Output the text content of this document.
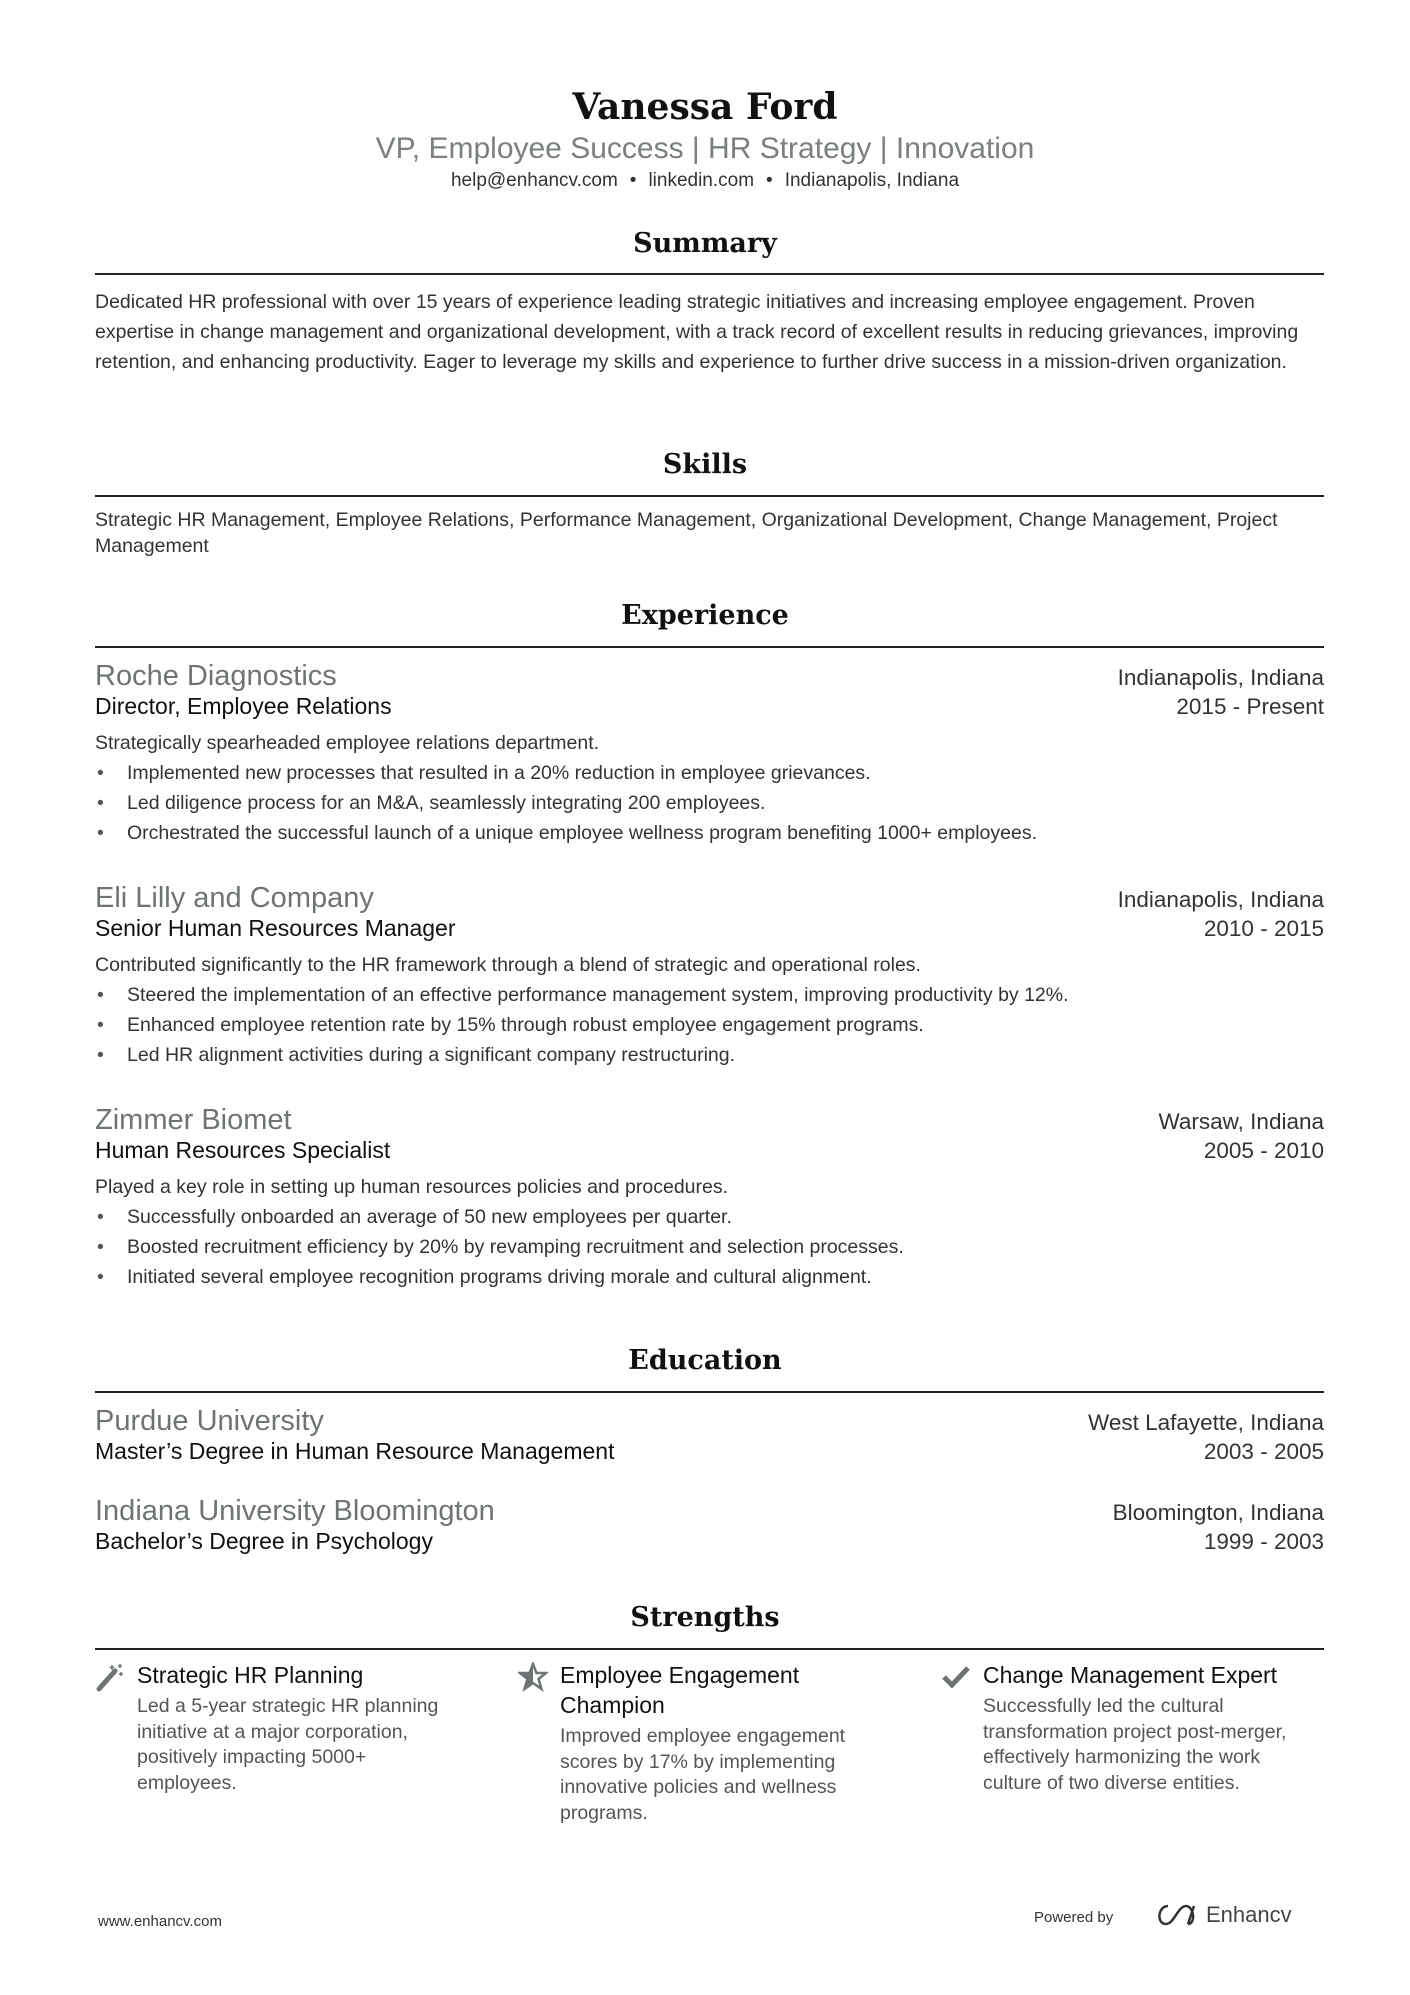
Vanessa Ford
VP, Employee Success | HR Strategy | Innovation
help@enhancv.com • linkedin.com • Indianapolis, Indiana
Summary
Dedicated HR professional with over 15 years of experience leading strategic initiatives and increasing employee engagement. Proven expertise in change management and organizational development, with a track record of excellent results in reducing grievances, improving retention, and enhancing productivity. Eager to leverage my skills and experience to further drive success in a mission-driven organization.
Skills
Strategic HR Management, Employee Relations, Performance Management, Organizational Development, Change Management, Project Management
Experience
Roche Diagnostics	Indianapolis, Indiana
Director, Employee Relations	2015 - Present
Strategically spearheaded employee relations department.
• Implemented new processes that resulted in a 20% reduction in employee grievances.
• Led diligence process for an M&A, seamlessly integrating 200 employees.
• Orchestrated the successful launch of a unique employee wellness program benefiting 1000+ employees.
Eli Lilly and Company	Indianapolis, Indiana
Senior Human Resources Manager	2010 - 2015
Contributed significantly to the HR framework through a blend of strategic and operational roles.
• Steered the implementation of an effective performance management system, improving productivity by 12%.
• Enhanced employee retention rate by 15% through robust employee engagement programs.
• Led HR alignment activities during a significant company restructuring.
Zimmer Biomet	Warsaw, Indiana
Human Resources Specialist	2005 - 2010
Played a key role in setting up human resources policies and procedures.
• Successfully onboarded an average of 50 new employees per quarter.
• Boosted recruitment efficiency by 20% by revamping recruitment and selection processes.
• Initiated several employee recognition programs driving morale and cultural alignment.
Education
Purdue University	West Lafayette, Indiana
Master’s Degree in Human Resource Management	2003 - 2005
Indiana University Bloomington	Bloomington, Indiana
Bachelor’s Degree in Psychology	1999 - 2003
Strengths
Strategic HR Planning
Led a 5-year strategic HR planning initiative at a major corporation, positively impacting 5000+ employees.
Employee Engagement Champion
Improved employee engagement scores by 17% by implementing innovative policies and wellness programs.
Change Management Expert
Successfully led the cultural transformation project post-merger, effectively harmonizing the work culture of two diverse entities.
www.enhancv.com	Powered by	Enhancv
